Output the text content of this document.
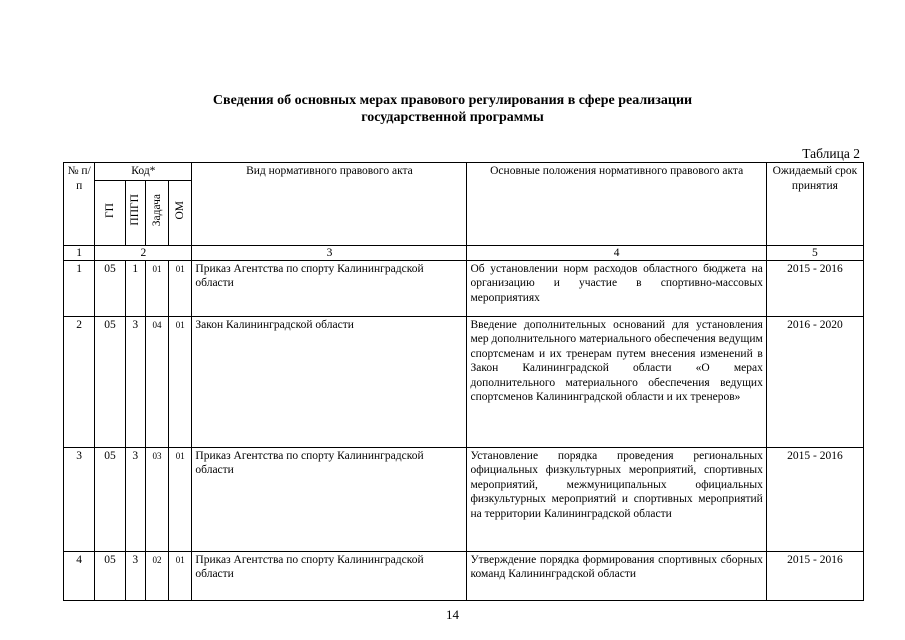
Сведения об основных мерах правового регулирования в сфере реализации
государственной программы
Таблица 2
№ п/п	Код*				Вид нормативного правового акта	Основные положения нормативного правового акта	Ожидаемый срок принятия
	ГП	ППГП	Задача	ОМ			
1	2				3	4	5
1	05	1	01	01	Приказ Агентства по спорту Калининградской области	Об установлении норм расходов областного бюджета на организацию и участие в спортивно-массовых мероприятиях	2015 - 2016
2	05	3	04	01	Закон Калининградской области	Введение дополнительных оснований для установления мер дополнительного материального обеспечения ведущим спортсменам и их тренерам путем внесения изменений в Закон Калининградской области «О мерах дополнительного материального обеспечения ведущих спортсменов Калининградской области и их тренеров»	2016 - 2020
3	05	3	03	01	Приказ Агентства по спорту Калининградской области	Установление порядка проведения региональных официальных физкультурных мероприятий, спортивных мероприятий, межмуниципальных официальных физкультурных мероприятий и спортивных мероприятий на территории Калининградской области	2015 - 2016
4	05	3	02	01	Приказ Агентства по спорту Калининградской области	Утверждение порядка формирования спортивных сборных команд Калининградской области	2015 - 2016
14
